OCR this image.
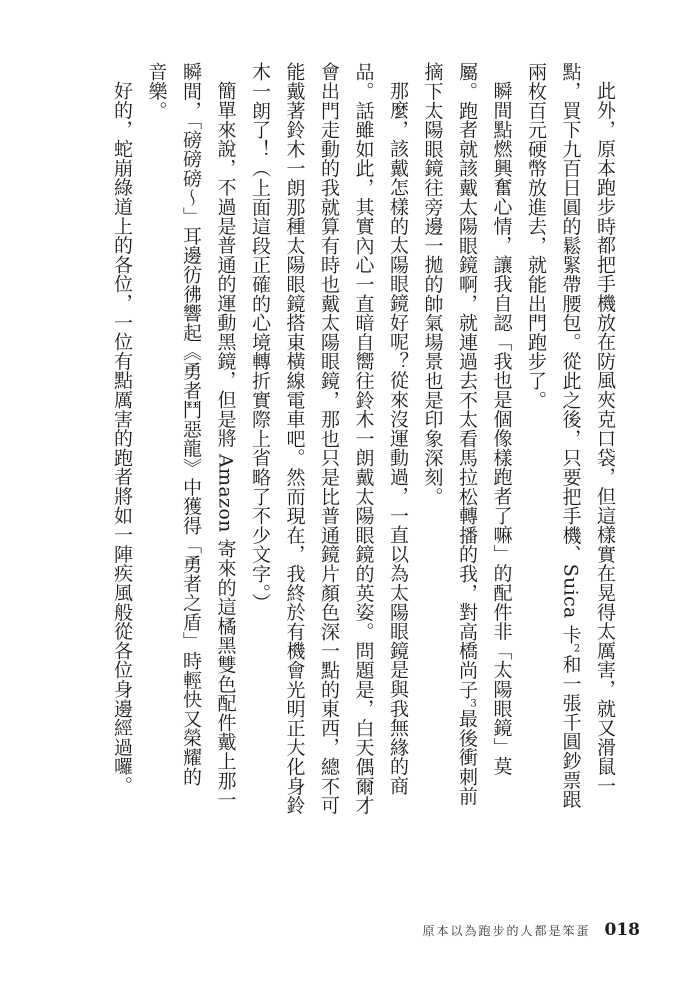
此外，原本跑步時都把手機放在防風夾克口袋，但這樣實在晃得太厲害，就又滑鼠一
點，買下九百日圓的鬆緊帶腰包。從此之後，只要把手機、Suica 卡2和一張千圓鈔票跟
兩枚百元硬幣放進去，就能出門跑步了。
瞬間點燃興奮心情，讓我自認「我也是個像樣跑者了嘛」的配件非「太陽眼鏡」莫
屬。跑者就該戴太陽眼鏡啊，就連過去不太看馬拉松轉播的我，對高橋尚子3最後衝刺前
摘下太陽眼鏡往旁邊一拋的帥氣場景也是印象深刻。
那麼，該戴怎樣的太陽眼鏡好呢？從來沒運動過，一直以為太陽眼鏡是與我無緣的商
品。話雖如此，其實內心一直暗自嚮往鈴木一朗戴太陽眼鏡的英姿。問題是，白天偶爾才
會出門走動的我就算有時也戴太陽眼鏡，那也只是比普通鏡片顏色深一點的東西，總不可
能戴著鈴木一朗那種太陽眼鏡搭東橫線電車吧。然而現在，我終於有機會光明正大化身鈴
木一朗了！（上面這段正確的心境轉折實際上省略了不少文字。）
簡單來說，不過是普通的運動黑鏡，但是將 Amazon 寄來的這橘黑雙色配件戴上那一
瞬間，「磅磅磅～」耳邊彷彿響起《勇者鬥惡龍》中獲得「勇者之盾」時輕快又榮耀的
音樂。
好的，蛇崩綠道上的各位，一位有點厲害的跑者將如一陣疾風般從各位身邊經過囉。
原本以為跑步的人都是笨蛋 018
